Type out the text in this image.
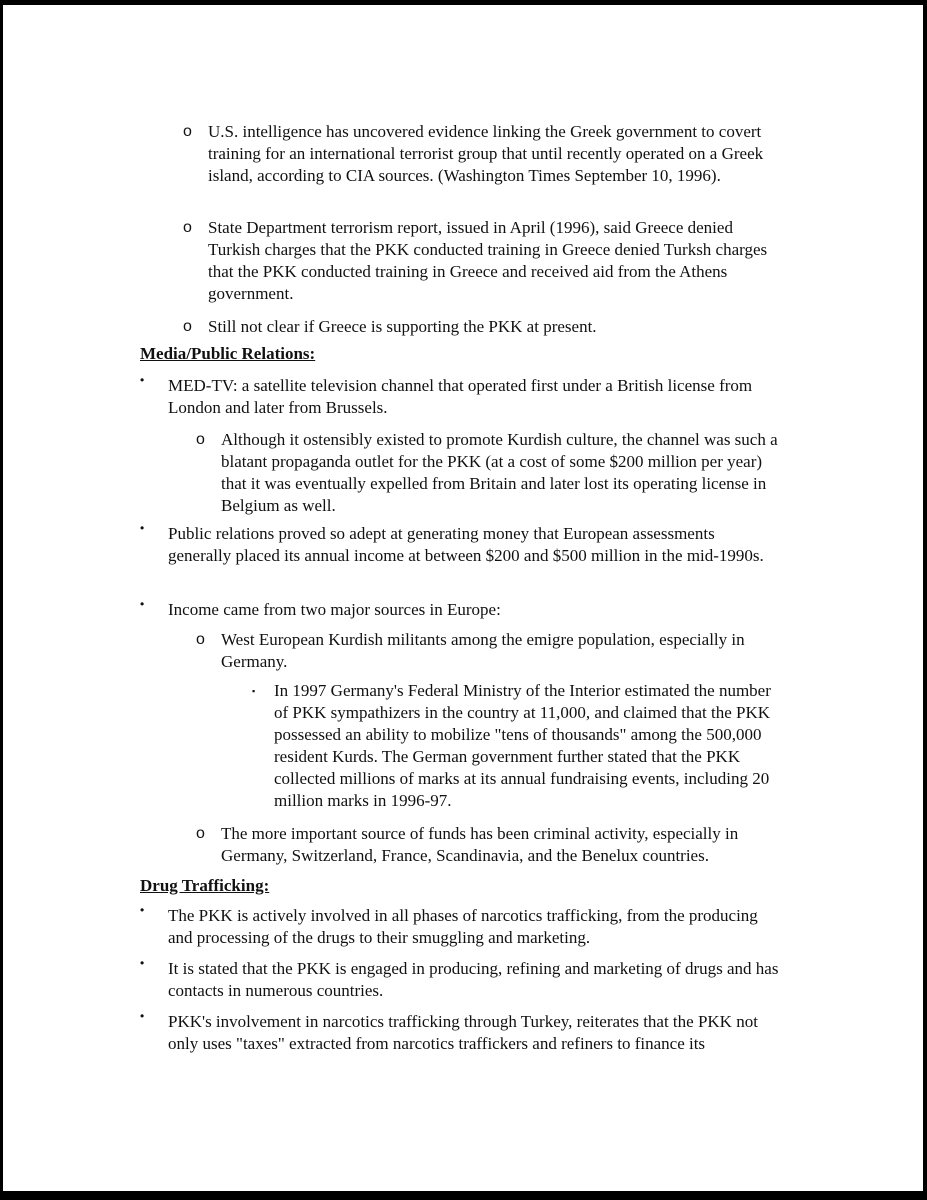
o U.S. intelligence has uncovered evidence linking the Greek government to covert training for an international terrorist group that until recently operated on a Greek island, according to CIA sources. (Washington Times September 10, 1996).

o State Department terrorism report, issued in April (1996), said Greece denied Turkish charges that the PKK conducted training in Greece denied Turksh charges that the PKK conducted training in Greece and received aid from the Athens government.

o Still not clear if Greece is supporting the PKK at present.

Media/Public Relations:
• MED-TV: a satellite television channel that operated first under a British license from London and later from Brussels.

o Although it ostensibly existed to promote Kurdish culture, the channel was such a blatant propaganda outlet for the PKK (at a cost of some $200 million per year) that it was eventually expelled from Britain and later lost its operating license in Belgium as well.

• Public relations proved so adept at generating money that European assessments generally placed its annual income at between $200 and $500 million in the mid-1990s.

• Income came from two major sources in Europe:

o West European Kurdish militants among the emigre population, especially in Germany.

▪ In 1997 Germany's Federal Ministry of the Interior estimated the number of PKK sympathizers in the country at 11,000, and claimed that the PKK possessed an ability to mobilize "tens of thousands" among the 500,000 resident Kurds. The German government further stated that the PKK collected millions of marks at its annual fundraising events, including 20 million marks in 1996-97.

o The more important source of funds has been criminal activity, especially in Germany, Switzerland, France, Scandinavia, and the Benelux countries.

Drug Trafficking:
• The PKK is actively involved in all phases of narcotics trafficking, from the producing and processing of the drugs to their smuggling and marketing.

• It is stated that the PKK is engaged in producing, refining and marketing of drugs and has contacts in numerous countries.

• PKK's involvement in narcotics trafficking through Turkey, reiterates that the PKK not only uses "taxes" extracted from narcotics traffickers and refiners to finance its
